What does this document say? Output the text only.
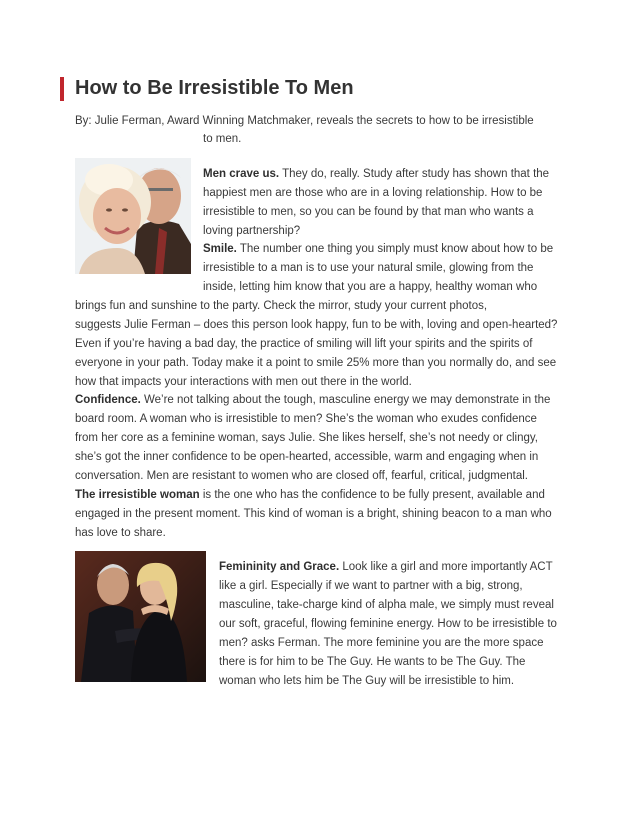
How to Be Irresistible To Men

By: Julie Ferman, Award Winning Matchmaker, reveals the secrets to how to be irresistible

to men.

Men crave us. They do, really. Study after study has shown that the

happiest men are those who are in a loving relationship. How to be

irresistible to men, so you can be found by that man who wants a

loving partnership?

Smile. The number one thing you simply must know about how to be

irresistible to a man is to use your natural smile, glowing from the

inside, letting him know that you are a happy, healthy woman who

brings fun and sunshine to the party. Check the mirror, study your current photos,

suggests Julie Ferman – does this person look happy, fun to be with, loving and open-hearted?

Even if you’re having a bad day, the practice of smiling will lift your spirits and the spirits of

everyone in your path. Today make it a point to smile 25% more than you normally do, and see

how that impacts your interactions with men out there in the world.

Confidence. We’re not talking about the tough, masculine energy we may demonstrate in the

board room. A woman who is irresistible to men? She’s the woman who exudes confidence

from her core as a feminine woman, says Julie. She likes herself, she’s not needy or clingy,

she’s got the inner confidence to be open-hearted, accessible, warm and engaging when in

conversation. Men are resistant to women who are closed off, fearful, critical, judgmental.

The irresistible woman is the one who has the confidence to be fully present, available and

engaged in the present moment. This kind of woman is a bright, shining beacon to a man who

has love to share.

Femininity and Grace. Look like a girl and more importantly ACT

like a girl. Especially if we want to partner with a big, strong,

masculine, take-charge kind of alpha male, we simply must reveal

our soft, graceful, flowing feminine energy. How to be irresistible to

men? asks Ferman. The more feminine you are the more space

there is for him to be The Guy. He wants to be The Guy. The

woman who lets him be The Guy will be irresistible to him.
